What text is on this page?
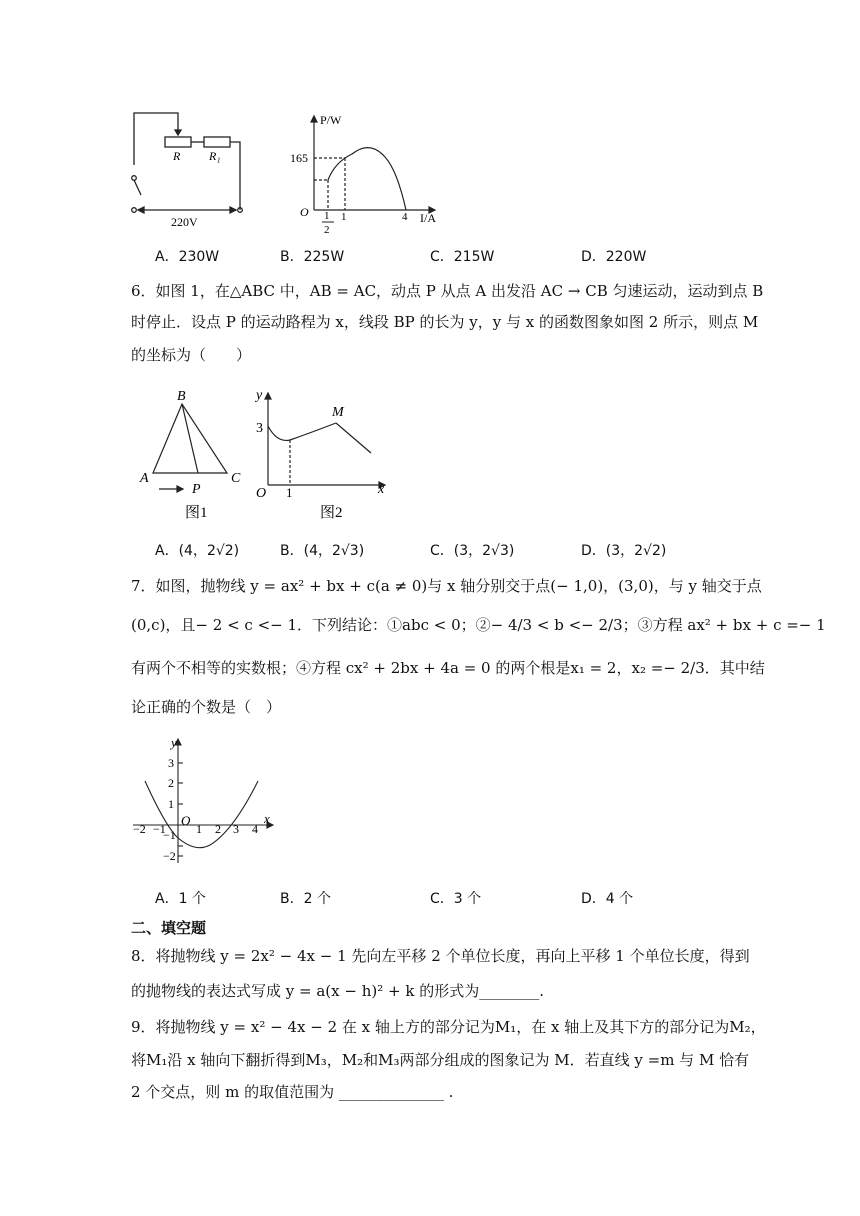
R R₁
220V
P/W
165
O 1
2
1	4 I/A
A．230W	B．225W	C．215W	D．220W
6．如图 1，在△ABC 中，AB = AC，动点 P 从点 A 出发沿 AC → CB 匀速运动，运动到点 B
时停止．设点 P 的运动路程为 x，线段 BP 的长为 y，y 与 x 的函数图象如图 2 所示，则点 M
的坐标为（　　）
B
A
P
C
图1
y
3
M
O 1	x
图2
A．(4，2√2)	B．(4，2√3)	C．(3，2√3)	D．(3，2√2)
7．如图，抛物线 y = ax² + bx + c(a ≠ 0)与 x 轴分别交于点(− 1,0)，(3,0)，与 y 轴交于点
(0,c)，且− 2 < c <− 1．下列结论：①abc < 0；②− 4/3 < b <− 2/3；③方程 ax² + bx + c =− 1
有两个不相等的实数根；④方程 cx² + 2bx + 4a = 0 的两个根是x₁ = 2，x₂ =− 2/3．其中结
论正确的个数是（　）
y
3
2
1
−1
−2
O
−2 −1	1 2 3 4
x
A．1 个	B．2 个	C．3 个	D．4 个
二、填空题
8．将抛物线 y = 2x² − 4x − 1 先向左平移 2 个单位长度，再向上平移 1 个单位长度，得到
的抛物线的表达式写成 y = a(x − h)² + k 的形式为________.
9．将抛物线 y = x² − 4x − 2 在 x 轴上方的部分记为M₁，在 x 轴上及其下方的部分记为M₂，
将M₁沿 x 轴向下翻折得到M₃，M₂和M₃两部分组成的图象记为 M．若直线 y =m 与 M 恰有
2 个交点，则 m 的取值范围为 ______________ .
